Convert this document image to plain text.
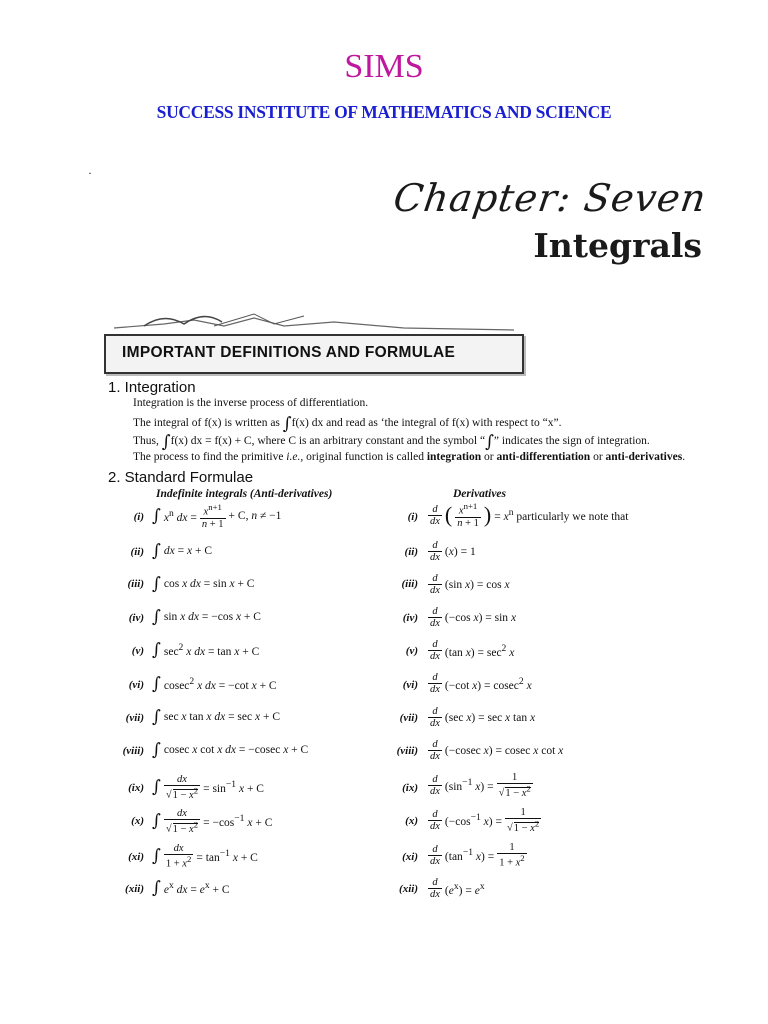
SIMS
SUCCESS INSTITUTE OF MATHEMATICS AND SCIENCE
·
Chapter: Seven
Integrals
IMPORTANT DEFINITIONS AND FORMULAE
1. Integration
Integration is the inverse process of differentiation.
The integral of f(x) is written as ∫f(x) dx and read as ‘the integral of f(x) with respect to “x”.
Thus, ∫f(x) dx = f(x) + C, where C is an arbitrary constant and the symbol “∫” indicates the sign of integration.
The process to find the primitive i.e., original function is called integration or anti-differentiation or anti-derivatives.
2. Standard Formulae
Indefinite integrals (Anti-derivatives)	Derivatives
(i)
(ii)
(iii)
(iv)
(v)
(vi)
(vii)
(viii)
(ix)
(x)
(xi)
(xii)
∫ $x^n$ dx = $\frac{x^{n+1}}{n + 1} + C$, n ≠ −1
∫ dx = x + C
∫ cos x dx = sin x + C
∫ sin x dx = −cos x + C
∫ $\sec^2 x$ dx = tan x + C
∫ cosec$^2$ x dx = −cot x + C
∫ sec x tan x dx = sec x + C
∫ cosec x cot x dx = −cosec x + C
∫ $\frac{dx}{√1 - x^2} = \sin^{-1} x + C$
∫ $\frac{dx}{√1 - x^2} = -\cos^{-1}$ x + C
∫ $\frac{dx}{1 + x^2} = \tan^{-1} x + C$
∫ $e^x$ dx = $e^x + C$
(i)
(ii)
(iii)
(iv)
(v)
(vi)
(vii)
(viii)
(ix)
(x)
(xi)
(xii)
$\frac{d}{dx}$ ( $\frac{x^{n+1}}{n + 1}$ ) = $x^n$ particularly we note that
$\frac{d}{dx} (x) = 1$
$\frac{d}{dx} (\sin$ x) = cos x
$\frac{d}{dx} (-\cos$ x) = sin x
$\frac{d}{dx} (\tan$ $x) = \sec^2 x$
$\frac{d}{dx} (-\cot$ x) = cosec$^2$ x
$\frac{d}{dx} (\sec$ x) = sec x tan x
$\frac{d}{dx} (-cosec$ x) = cosec x cot x
$\frac{d}{dx} (\sin^{-1}$ $x) = \frac{1}{√1 - x^2}$
$\frac{d}{dx} (-\cos^{-1}$ $x) = \frac{1}{√1 - x^2}$
$\frac{d}{dx} (\tan^{-1}$ $x) = \frac{1}{1 + x^2}$
$\frac{d}{dx} (e^x) = e^x$
